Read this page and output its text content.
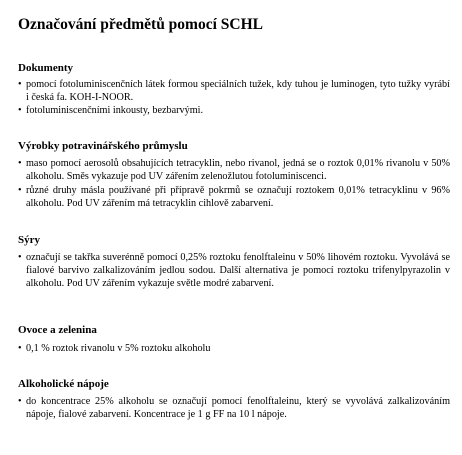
Označování předmětů pomocí SCHL
Dokumenty
• pomocí fotoluminiscenčních látek formou speciálních tužek, kdy tuhou je luminogen, tyto tužky vyrábí i česká fa. KOH-I-NOOR.
• fotoluminiscenčními inkousty, bezbarvými.
Výrobky potravinářského průmyslu
• maso pomocí aerosolů obsahujících tetracyklin, nebo rivanol, jedná se o roztok 0,01% rivanolu v 50% alkoholu. Směs vykazuje pod UV zářením zelenožlutou fotoluminiscenci.
• různé druhy másla používané při přípravě pokrmů se označují roztokem 0,01% tetracyklinu v 96% alkoholu. Pod UV zářením má tetracyklin cihlově zabarvení.
Sýry
• označují se takřka suverénně pomocí 0,25% roztoku fenolftaleinu v 50% lihovém roztoku. Vyvolává se fialové barvivo zalkalizováním jedlou sodou. Další alternativa je pomocí roztoku trifenylpyrazolin v alkoholu. Pod UV zářením vykazuje světle modré zabarvení.
Ovoce a zelenina
• 0,1 % roztok rivanolu v 5% roztoku alkoholu
Alkoholické nápoje
• do koncentrace 25% alkoholu se označují pomocí fenolftaleinu, který se vyvolává zalkalizováním nápoje, fialové zabarvení. Koncentrace je 1 g FF na 10 l nápoje.
